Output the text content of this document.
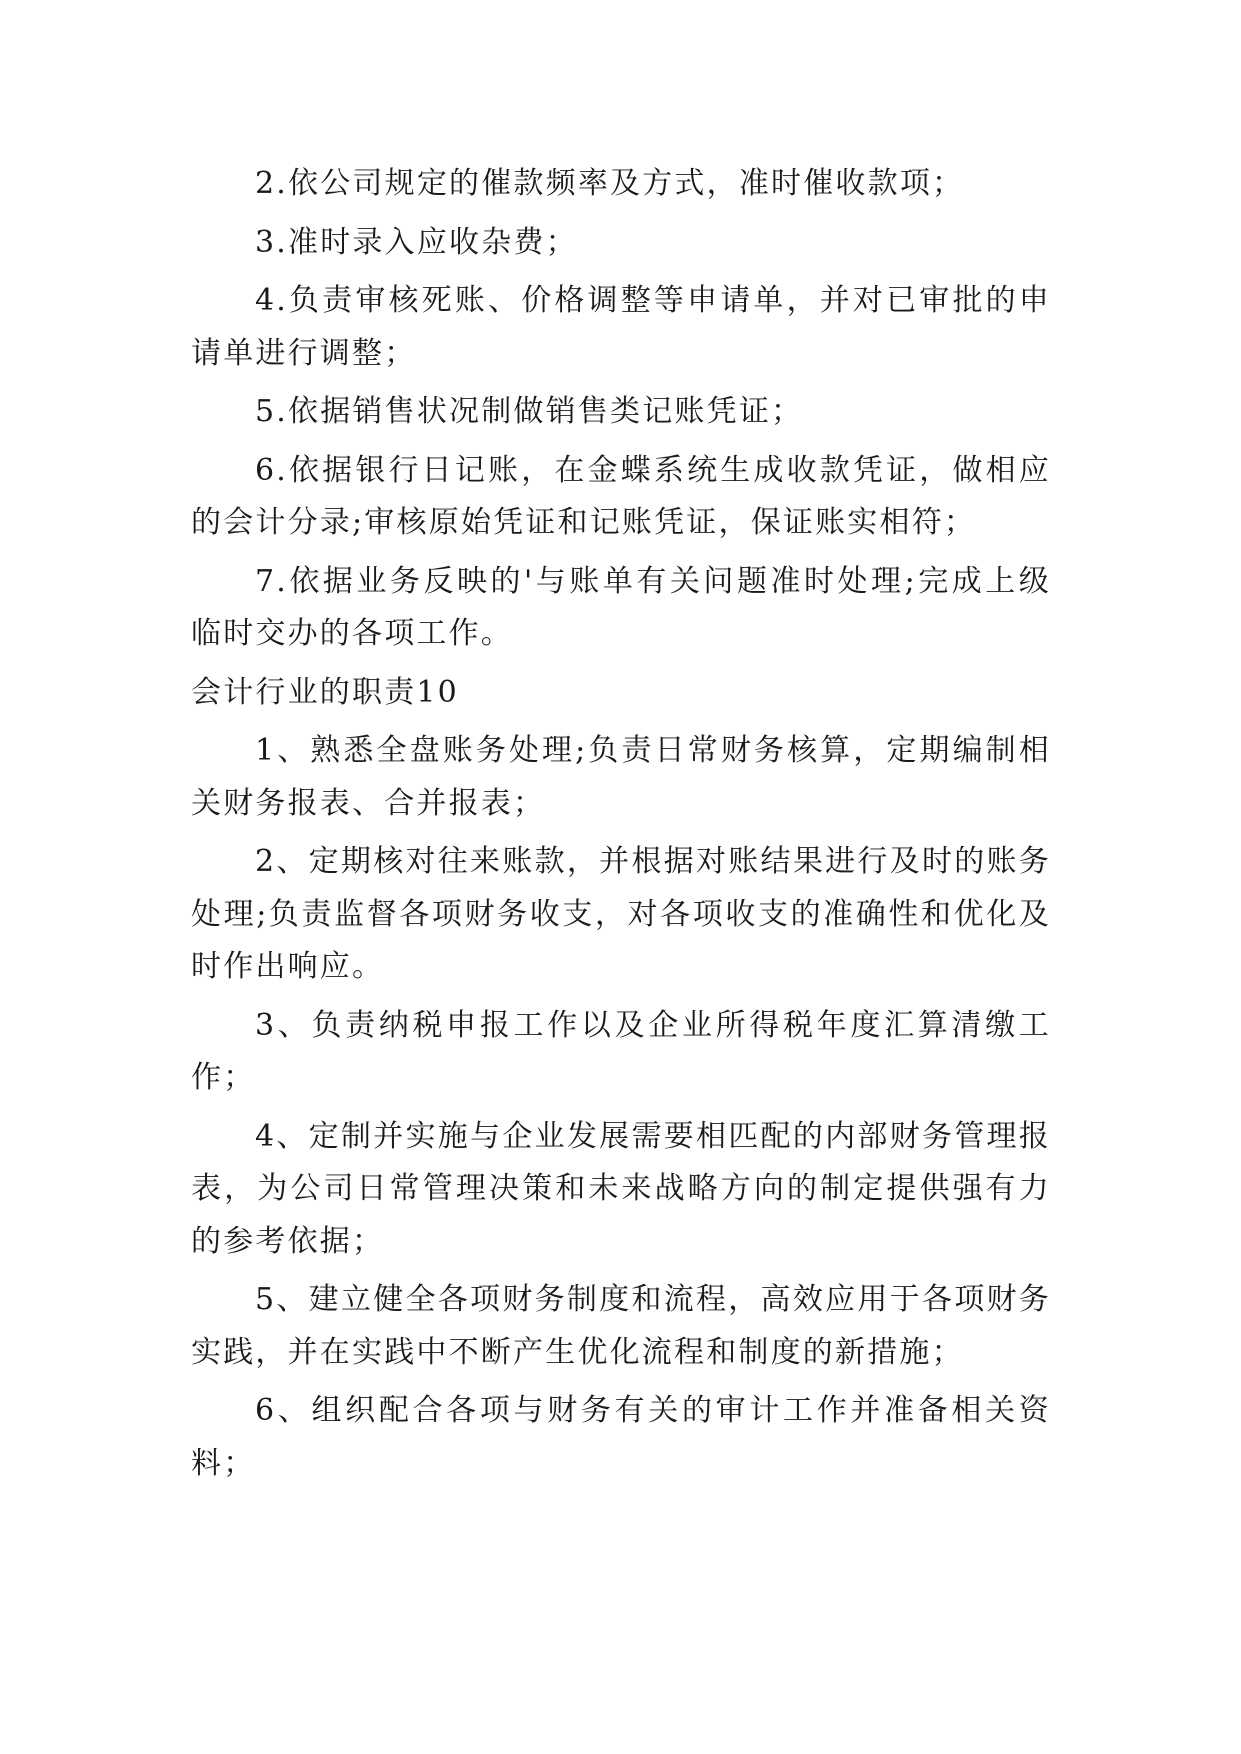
2.依公司规定的催款频率及方式，准时催收款项；

3.准时录入应收杂费；

4.负责审核死账、价格调整等申请单，并对已审批的申请单进行调整；

5.依据销售状况制做销售类记账凭证；

6.依据银行日记账，在金蝶系统生成收款凭证，做相应的会计分录;审核原始凭证和记账凭证，保证账实相符；

7.依据业务反映的'与账单有关问题准时处理;完成上级临时交办的各项工作。

会计行业的职责10

1、熟悉全盘账务处理;负责日常财务核算，定期编制相关财务报表、合并报表；

2、定期核对往来账款，并根据对账结果进行及时的账务处理;负责监督各项财务收支，对各项收支的准确性和优化及时作出响应。

3、负责纳税申报工作以及企业所得税年度汇算清缴工作；

4、定制并实施与企业发展需要相匹配的内部财务管理报表，为公司日常管理决策和未来战略方向的制定提供强有力的参考依据；

5、建立健全各项财务制度和流程，高效应用于各项财务实践，并在实践中不断产生优化流程和制度的新措施；

6、组织配合各项与财务有关的审计工作并准备相关资料；
